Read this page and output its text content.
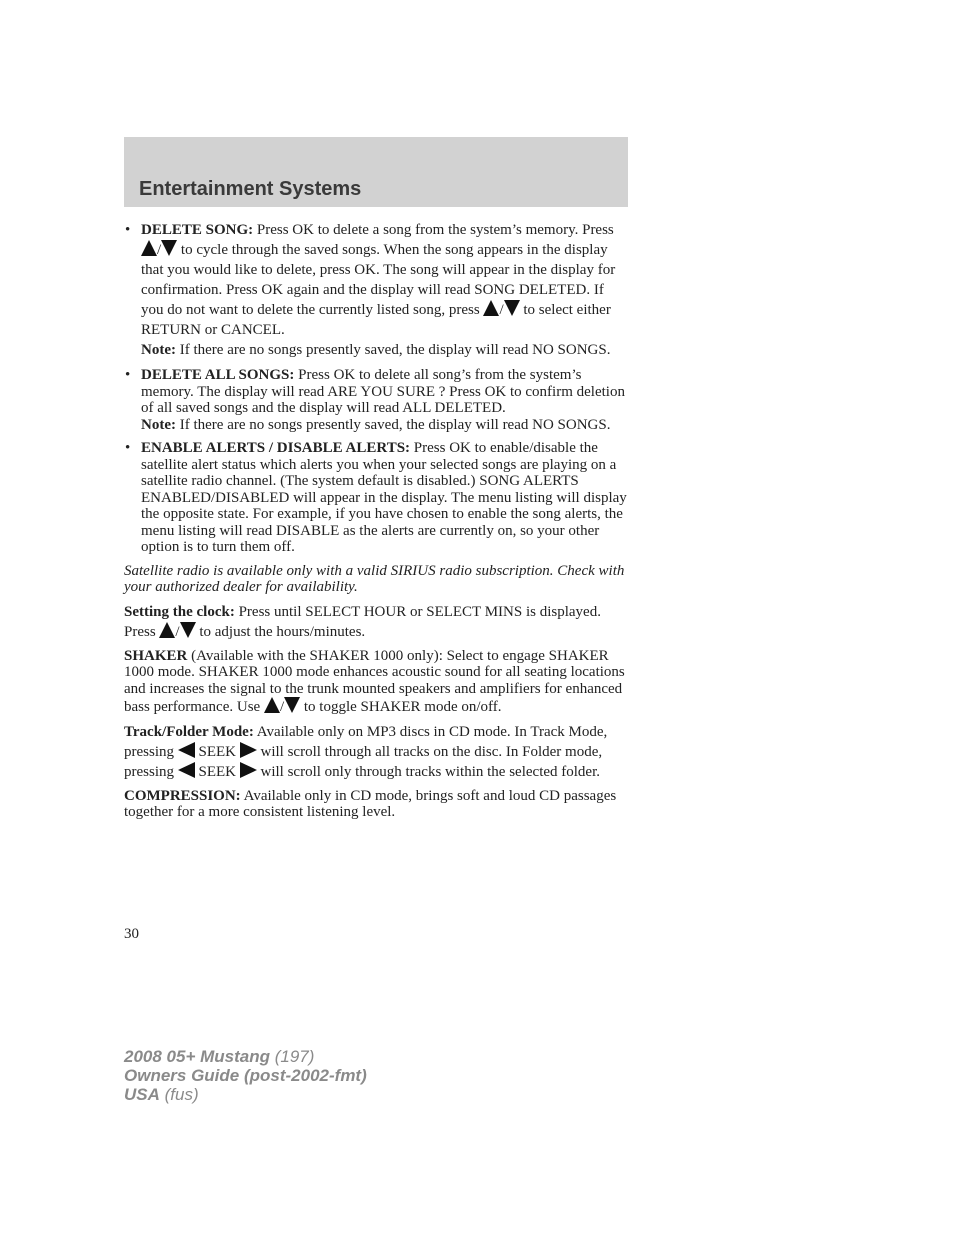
Entertainment Systems
• DELETE SONG: Press OK to delete a song from the system’s memory. Press / to cycle through the saved songs. When the song appears in the display that you would like to delete, press OK. The song will appear in the display for confirmation. Press OK again and the display will read SONG DELETED. If you do not want to delete the currently listed song, press / to select either RETURN or CANCEL.
Note: If there are no songs presently saved, the display will read NO SONGS.
• DELETE ALL SONGS: Press OK to delete all song’s from the system’s memory. The display will read ARE YOU SURE ? Press OK to confirm deletion of all saved songs and the display will read ALL DELETED.
Note: If there are no songs presently saved, the display will read NO SONGS.
• ENABLE ALERTS / DISABLE ALERTS: Press OK to enable/disable the satellite alert status which alerts you when your selected songs are playing on a satellite radio channel. (The system default is disabled.) SONG ALERTS ENABLED/DISABLED will appear in the display. The menu listing will display the opposite state. For example, if you have chosen to enable the song alerts, the menu listing will read DISABLE as the alerts are currently on, so your other option is to turn them off.

Satellite radio is available only with a valid SIRIUS radio subscription. Check with your authorized dealer for availability.

Setting the clock: Press until SELECT HOUR or SELECT MINS is displayed. Press / to adjust the hours/minutes.

SHAKER (Available with the SHAKER 1000 only): Select to engage SHAKER 1000 mode. SHAKER 1000 mode enhances acoustic sound for all seating locations and increases the signal to the trunk mounted speakers and amplifiers for enhanced bass performance. Use / to toggle SHAKER mode on/off.

Track/Folder Mode: Available only on MP3 discs in CD mode. In Track Mode, pressing  SEEK  will scroll through all tracks on the disc. In Folder mode, pressing  SEEK  will scroll only through tracks within the selected folder.

COMPRESSION: Available only in CD mode, brings soft and loud CD passages together for a more consistent listening level.

30
2008 05+ Mustang (197)
Owners Guide (post-2002-fmt)
USA (fus)
